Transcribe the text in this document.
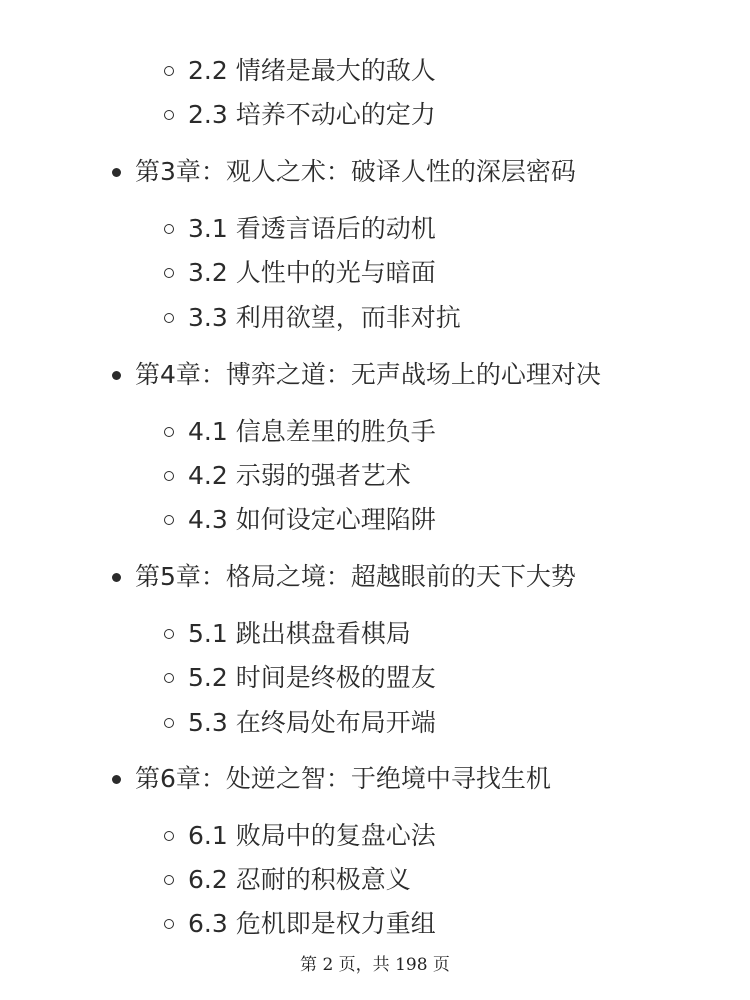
2.2 情绪是最大的敌人
2.3 培养不动心的定力
第3章：观人之术：破译人性的深层密码
3.1 看透言语后的动机
3.2 人性中的光与暗面
3.3 利用欲望，而非对抗
第4章：博弈之道：无声战场上的心理对决
4.1 信息差里的胜负手
4.2 示弱的强者艺术
4.3 如何设定心理陷阱
第5章：格局之境：超越眼前的天下大势
5.1 跳出棋盘看棋局
5.2 时间是终极的盟友
5.3 在终局处布局开端
第6章：处逆之智：于绝境中寻找生机
6.1 败局中的复盘心法
6.2 忍耐的积极意义
6.3 危机即是权力重组
第 2 页，共 198 页
